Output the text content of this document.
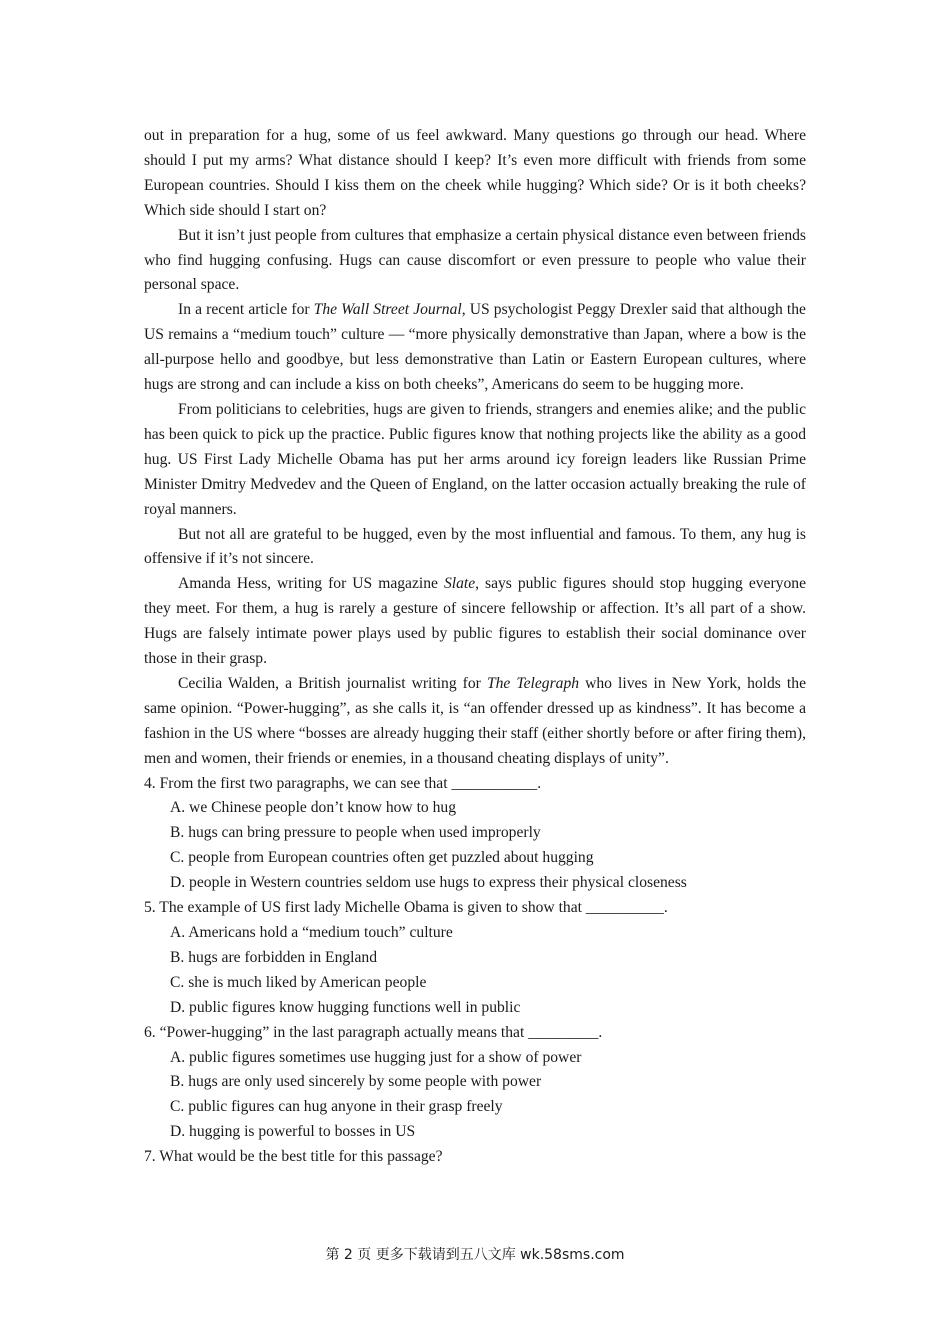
out in preparation for a hug, some of us feel awkward. Many questions go through our head. Where should I put my arms? What distance should I keep? It’s even more difficult with friends from some European countries. Should I kiss them on the cheek while hugging? Which side? Or is it both cheeks? Which side should I start on?

But it isn’t just people from cultures that emphasize a certain physical distance even between friends who find hugging confusing. Hugs can cause discomfort or even pressure to people who value their personal space.

In a recent article for The Wall Street Journal, US psychologist Peggy Drexler said that although the US remains a “medium touch” culture — “more physically demonstrative than Japan, where a bow is the all-purpose hello and goodbye, but less demonstrative than Latin or Eastern European cultures, where hugs are strong and can include a kiss on both cheeks”, Americans do seem to be hugging more.

From politicians to celebrities, hugs are given to friends, strangers and enemies alike; and the public has been quick to pick up the practice. Public figures know that nothing projects like the ability as a good hug. US First Lady Michelle Obama has put her arms around icy foreign leaders like Russian Prime Minister Dmitry Medvedev and the Queen of England, on the latter occasion actually breaking the rule of royal manners.

But not all are grateful to be hugged, even by the most influential and famous. To them, any hug is offensive if it’s not sincere.

Amanda Hess, writing for US magazine Slate, says public figures should stop hugging everyone they meet. For them, a hug is rarely a gesture of sincere fellowship or affection. It’s all part of a show. Hugs are falsely intimate power plays used by public figures to establish their social dominance over those in their grasp.

Cecilia Walden, a British journalist writing for The Telegraph who lives in New York, holds the same opinion. “Power-hugging”, as she calls it, is “an offender dressed up as kindness”. It has become a fashion in the US where “bosses are already hugging their staff (either shortly before or after firing them), men and women, their friends or enemies, in a thousand cheating displays of unity”.

4. From the first two paragraphs, we can see that ___________.

A. we Chinese people don’t know how to hug

B. hugs can bring pressure to people when used improperly

C. people from European countries often get puzzled about hugging

D. people in Western countries seldom use hugs to express their physical closeness

5. The example of US first lady Michelle Obama is given to show that __________.

A. Americans hold a “medium touch” culture

B. hugs are forbidden in England

C. she is much liked by American people

D. public figures know hugging functions well in public

6. “Power-hugging” in the last paragraph actually means that _________.

A. public figures sometimes use hugging just for a show of power

B. hugs are only used sincerely by some people with power

C. public figures can hug anyone in their grasp freely

D. hugging is powerful to bosses in US

7. What would be the best title for this passage?

第 2 页 更多下载请到五八文库 wk.58sms.com
